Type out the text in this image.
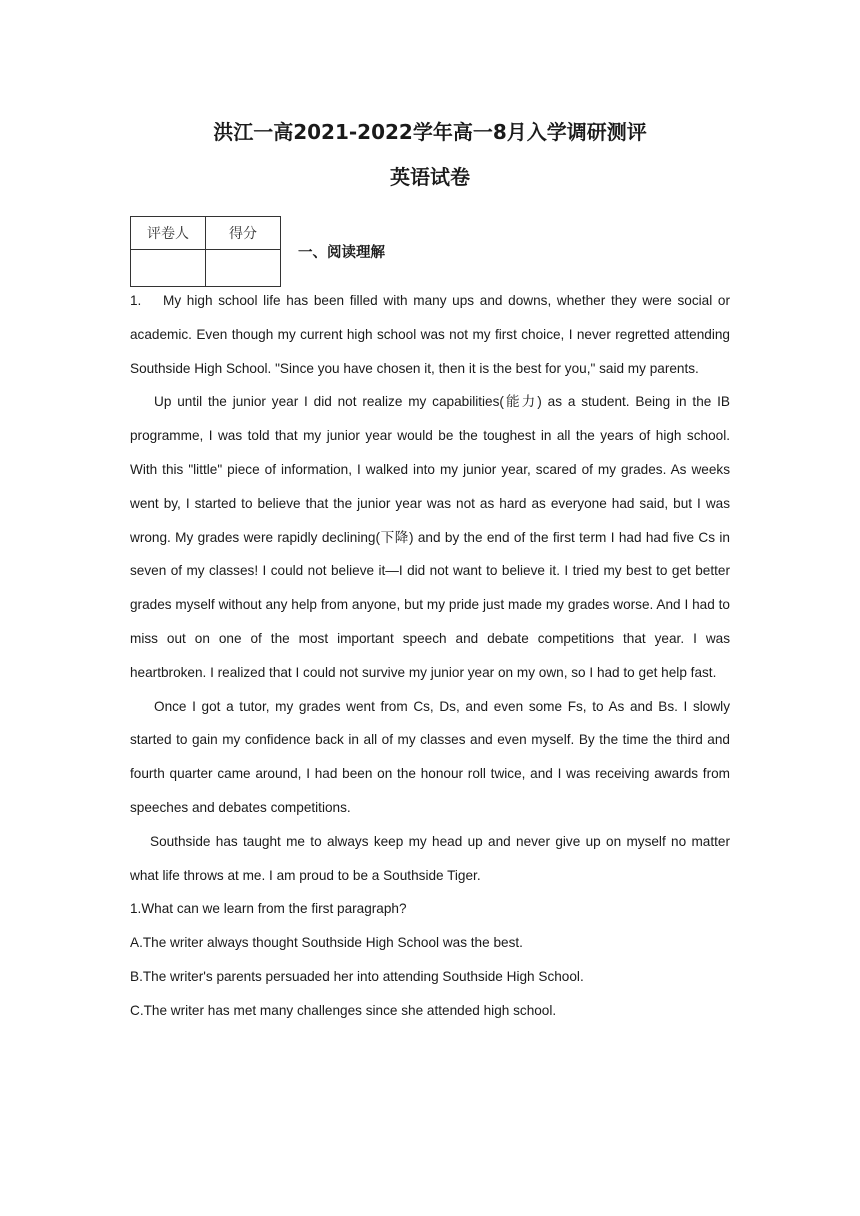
洪江一高2021-2022学年高一8月入学调研测评
英语试卷
评卷人	得分

一、阅读理解

1. My high school life has been filled with many ups and downs, whether they were social or academic. Even though my current high school was not my first choice, I never regretted attending Southside High School. "Since you have chosen it, then it is the best for you," said my parents.

Up until the junior year I did not realize my capabilities(能力) as a student. Being in the IB programme, I was told that my junior year would be the toughest in all the years of high school. With this "little" piece of information, I walked into my junior year, scared of my grades. As weeks went by, I started to believe that the junior year was not as hard as everyone had said, but I was wrong. My grades were rapidly declining(下降) and by the end of the first term I had had five Cs in seven of my classes! I could not believe it—I did not want to believe it. I tried my best to get better grades myself without any help from anyone, but my pride just made my grades worse. And I had to miss out on one of the most important speech and debate competitions that year. I was heartbroken. I realized that I could not survive my junior year on my own, so I had to get help fast.

Once I got a tutor, my grades went from Cs, Ds, and even some Fs, to As and Bs. I slowly started to gain my confidence back in all of my classes and even myself. By the time the third and fourth quarter came around, I had been on the honour roll twice, and I was receiving awards from speeches and debates competitions.

Southside has taught me to always keep my head up and never give up on myself no matter what life throws at me. I am proud to be a Southside Tiger.

1.What can we learn from the first paragraph?

A.The writer always thought Southside High School was the best.

B.The writer's parents persuaded her into attending Southside High School.

C.The writer has met many challenges since she attended high school.
